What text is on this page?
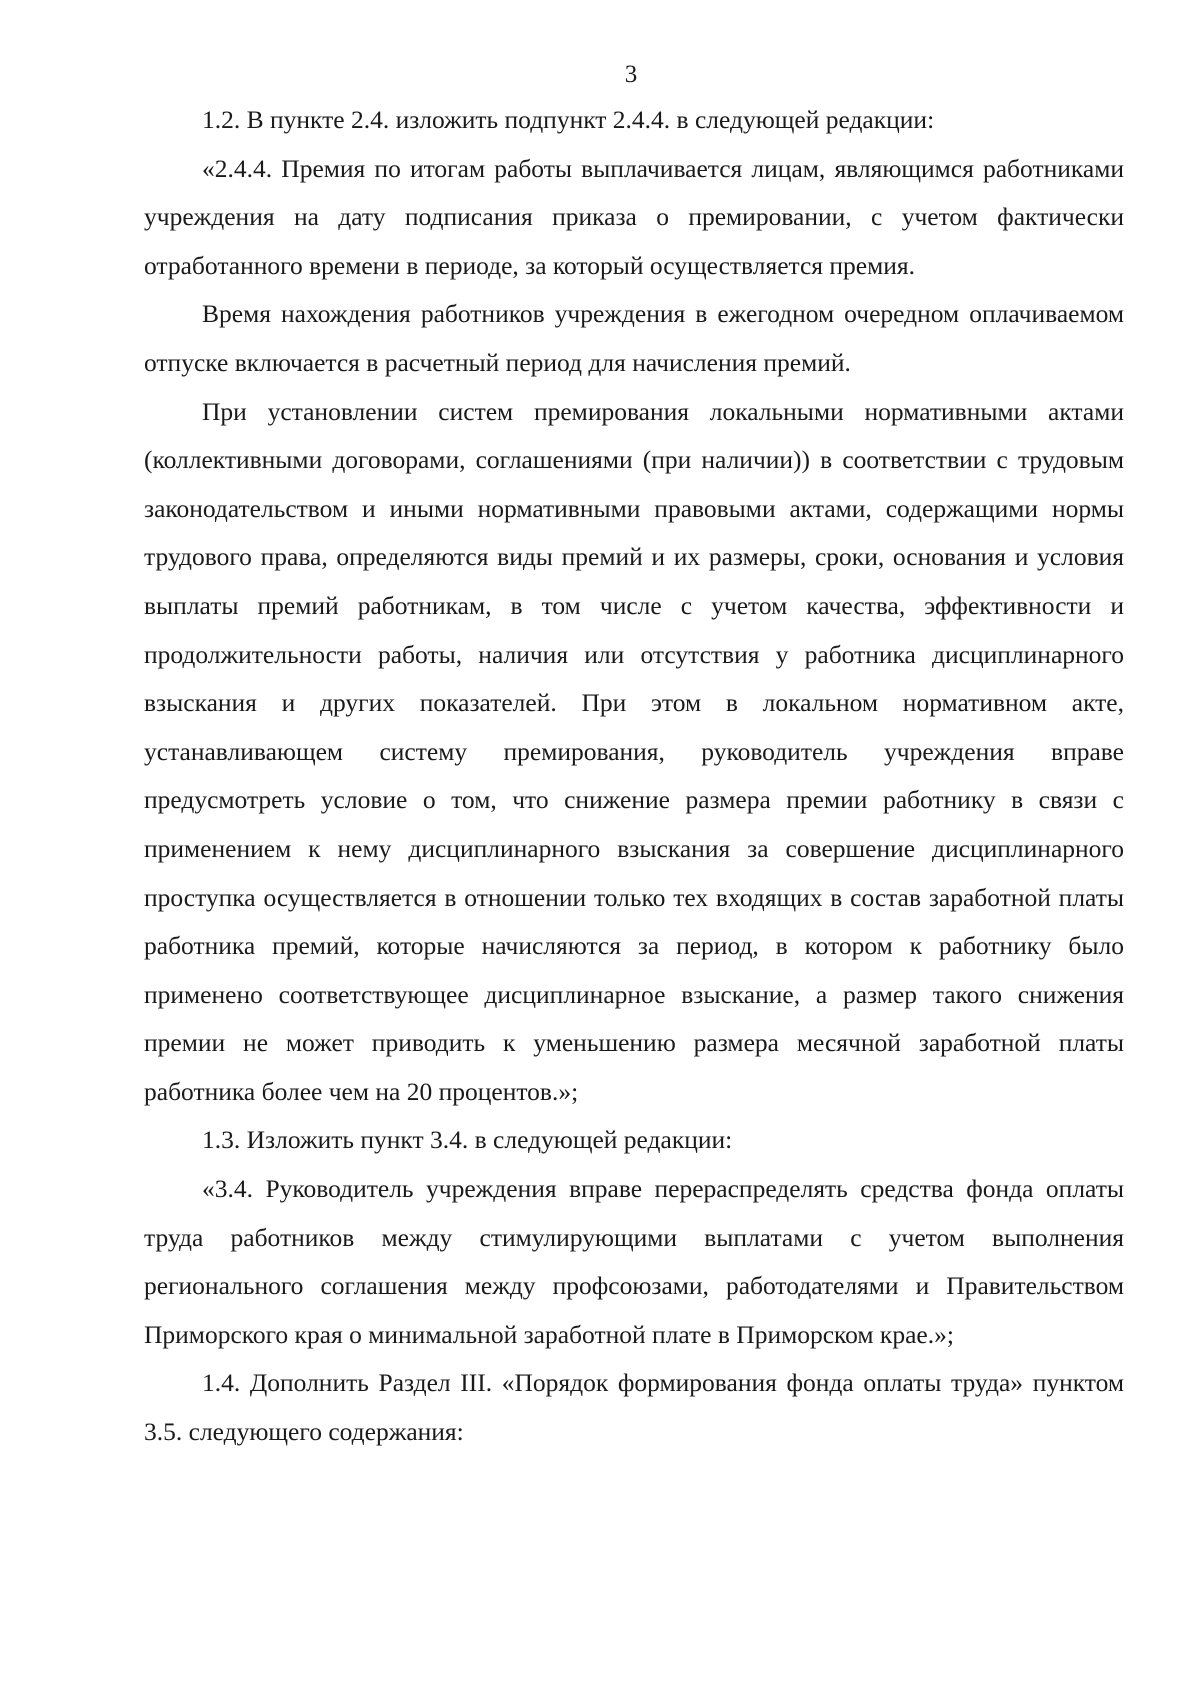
3

1.2. В пункте 2.4. изложить подпункт 2.4.4. в следующей редакции:

«2.4.4. Премия по итогам работы выплачивается лицам, являющимся работниками учреждения на дату подписания приказа о премировании, с учетом фактически отработанного времени в периоде, за который осуществляется премия.

Время нахождения работников учреждения в ежегодном очередном оплачиваемом отпуске включается в расчетный период для начисления премий.

При установлении систем премирования локальными нормативными актами (коллективными договорами, соглашениями (при наличии)) в соответствии с трудовым законодательством и иными нормативными правовыми актами, содержащими нормы трудового права, определяются виды премий и их размеры, сроки, основания и условия выплаты премий работникам, в том числе с учетом качества, эффективности и продолжительности работы, наличия или отсутствия у работника дисциплинарного взыскания и других показателей. При этом в локальном нормативном акте, устанавливающем систему премирования, руководитель учреждения вправе предусмотреть условие о том, что снижение размера премии работнику в связи с применением к нему дисциплинарного взыскания за совершение дисциплинарного проступка осуществляется в отношении только тех входящих в состав заработной платы работника премий, которые начисляются за период, в котором к работнику было применено соответствующее дисциплинарное взыскание, а размер такого снижения премии не может приводить к уменьшению размера месячной заработной платы работника более чем на 20 процентов.»;

1.3. Изложить пункт 3.4. в следующей редакции:

«3.4. Руководитель учреждения вправе перераспределять средства фонда оплаты труда работников между стимулирующими выплатами с учетом выполнения регионального соглашения между профсоюзами, работодателями и Правительством Приморского края о минимальной заработной плате в Приморском крае.»;

1.4. Дополнить Раздел III. «Порядок формирования фонда оплаты труда» пунктом 3.5. следующего содержания:
